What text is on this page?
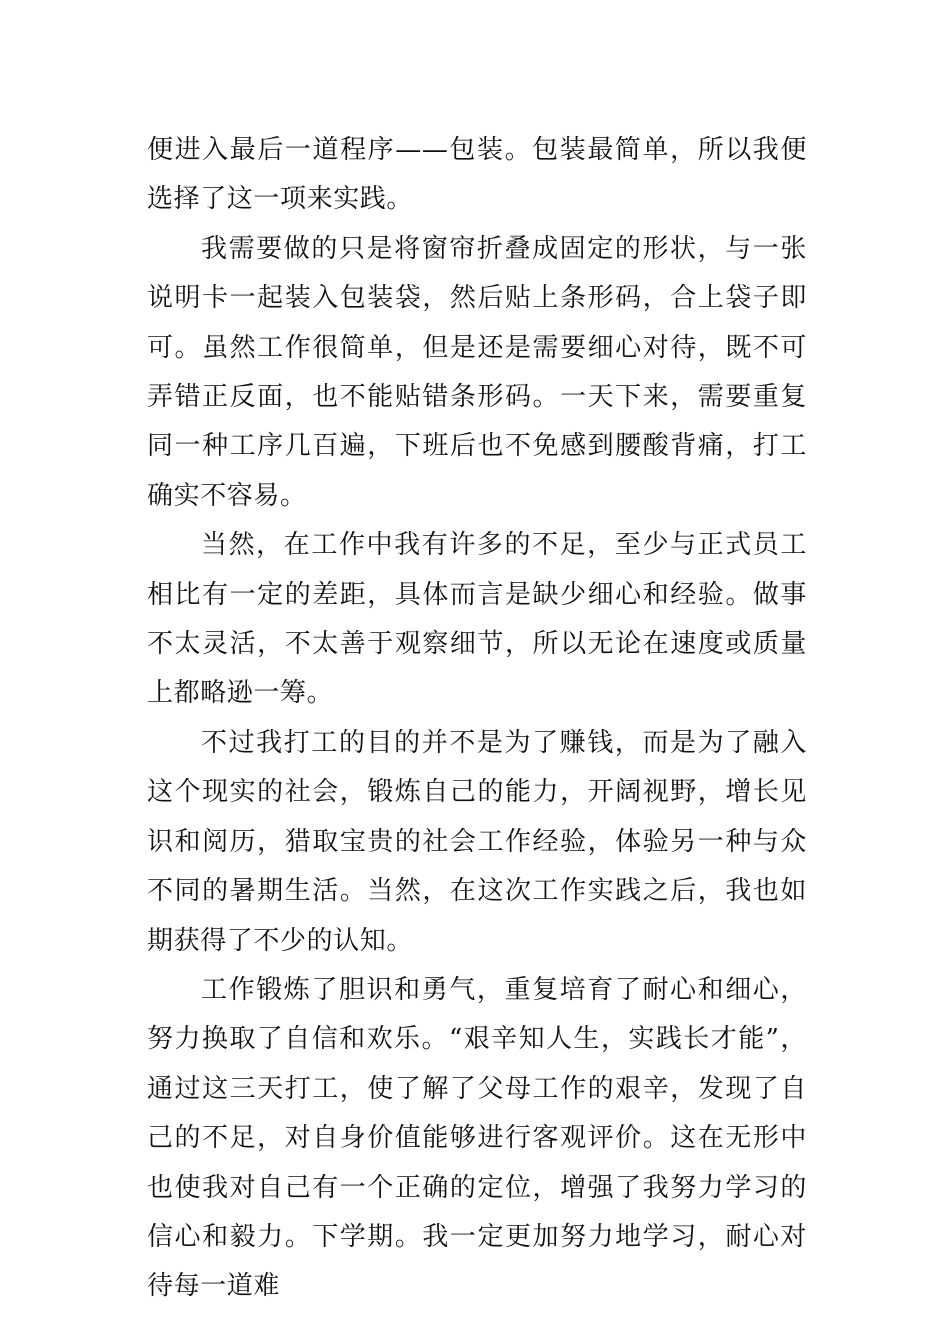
便进入最后一道程序——包装。包装最简单，所以我便选择了这一项来实践。

我需要做的只是将窗帘折叠成固定的形状，与一张说明卡一起装入包装袋，然后贴上条形码，合上袋子即可。虽然工作很简单，但是还是需要细心对待，既不可弄错正反面，也不能贴错条形码。一天下来，需要重复同一种工序几百遍，下班后也不免感到腰酸背痛，打工确实不容易。

当然，在工作中我有许多的不足，至少与正式员工相比有一定的差距，具体而言是缺少细心和经验。做事不太灵活，不太善于观察细节，所以无论在速度或质量上都略逊一筹。

不过我打工的目的并不是为了赚钱，而是为了融入这个现实的社会，锻炼自己的能力，开阔视野，增长见识和阅历，猎取宝贵的社会工作经验，体验另一种与众不同的暑期生活。当然，在这次工作实践之后，我也如期获得了不少的认知。

工作锻炼了胆识和勇气，重复培育了耐心和细心，努力换取了自信和欢乐。“艰辛知人生，实践长才能”，通过这三天打工，使了解了父母工作的艰辛，发现了自己的不足，对自身价值能够进行客观评价。这在无形中也使我对自己有一个正确的定位，增强了我努力学习的信心和毅力。下学期。我一定更加努力地学习，耐心对待每一道难
